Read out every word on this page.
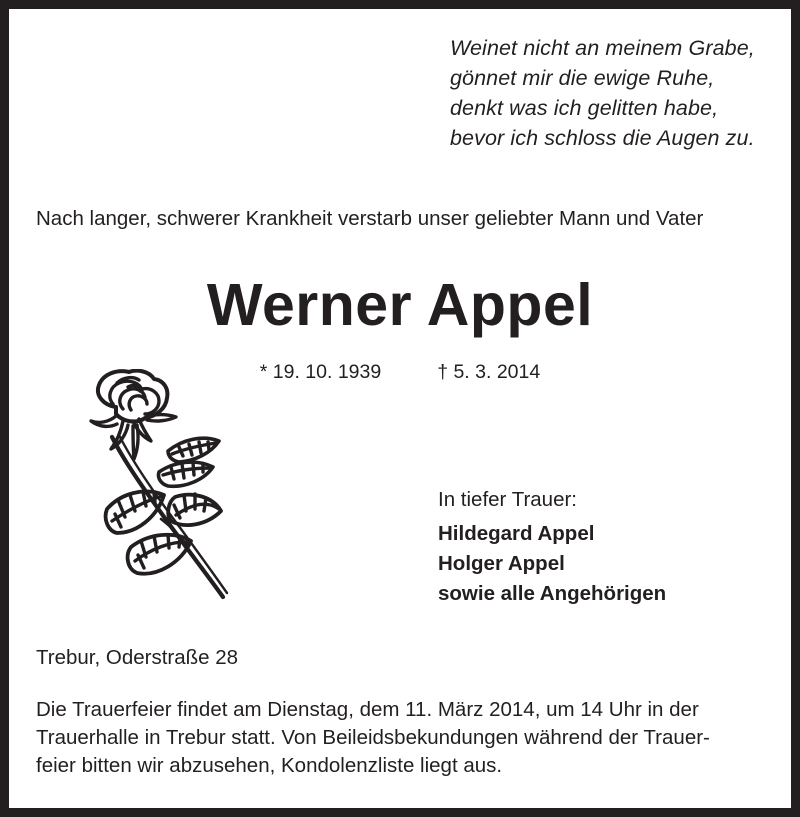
Weinet nicht an meinem Grabe,
gönnet mir die ewige Ruhe,
denkt was ich gelitten habe,
bevor ich schloss die Augen zu.
Nach langer, schwerer Krankheit verstarb unser geliebter Mann und Vater
Werner Appel
* 19. 10. 1939	† 5. 3. 2014
In tiefer Trauer:
Hildegard Appel
Holger Appel
sowie alle Angehörigen
Trebur, Oderstraße 28
Die Trauerfeier findet am Dienstag, dem 11. März 2014, um 14 Uhr in der
Trauerhalle in Trebur statt. Von Beileidsbekundungen während der Trauer-
feier bitten wir abzusehen, Kondolenzliste liegt aus.
